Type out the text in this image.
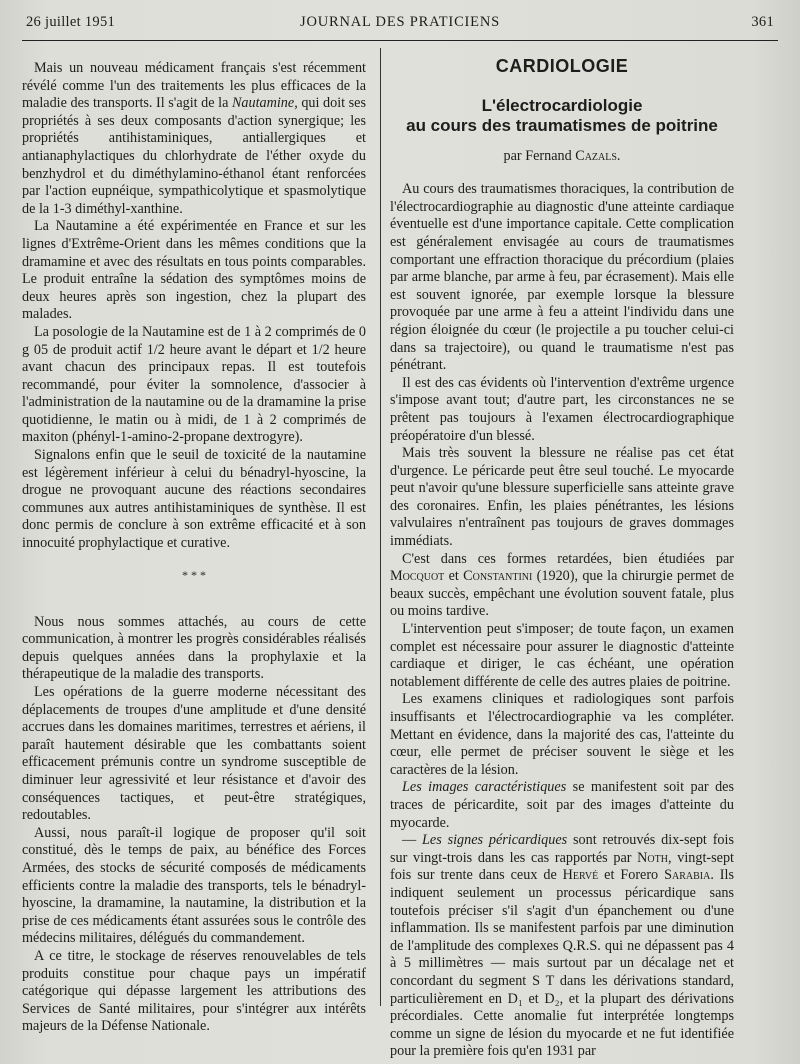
26 juillet 1951	JOURNAL DES PRATICIENS	361

Mais un nouveau médicament français s'est récemment révélé comme l'un des traitements les plus efficaces de la maladie des transports. Il s'agit de la Nautamine, qui doit ses propriétés à ses deux composants d'action synergique; les propriétés antihistaminiques, antiallergiques et antianaphylactiques du chlorhydrate de l'éther oxyde du benzhydrol et du diméthylamino-éthanol étant renforcées par l'action eupnéique, sympathicolytique et spasmolytique de la 1-3 diméthyl-xanthine.

La Nautamine a été expérimentée en France et sur les lignes d'Extrême-Orient dans les mêmes conditions que la dramamine et avec des résultats en tous points comparables. Le produit entraîne la sédation des symptômes moins de deux heures après son ingestion, chez la plupart des malades.

La posologie de la Nautamine est de 1 à 2 comprimés de 0 g 05 de produit actif 1/2 heure avant le départ et 1/2 heure avant chacun des principaux repas. Il est toutefois recommandé, pour éviter la somnolence, d'associer à l'administration de la nautamine ou de la dramamine la prise quotidienne, le matin ou à midi, de 1 à 2 comprimés de maxiton (phényl-1-amino-2-propane dextrogyre).

Signalons enfin que le seuil de toxicité de la nautamine est légèrement inférieur à celui du bénadryl-hyoscine, la drogue ne provoquant aucune des réactions secondaires communes aux autres antihistaminiques de synthèse. Il est donc permis de conclure à son extrême efficacité et à son innocuité prophylactique et curative.

* * *

Nous nous sommes attachés, au cours de cette communication, à montrer les progrès considérables réalisés depuis quelques années dans la prophylaxie et la thérapeutique de la maladie des transports.

Les opérations de la guerre moderne nécessitant des déplacements de troupes d'une amplitude et d'une densité accrues dans les domaines maritimes, terrestres et aériens, il paraît hautement désirable que les combattants soient efficacement prémunis contre un syndrome susceptible de diminuer leur agressivité et leur résistance et d'avoir des conséquences tactiques, et peut-être stratégiques, redoutables.

Aussi, nous paraît-il logique de proposer qu'il soit constitué, dès le temps de paix, au bénéfice des Forces Armées, des stocks de sécurité composés de médicaments efficients contre la maladie des transports, tels le bénadryl-hyoscine, la dramamine, la nautamine, la distribution et la prise de ces médicaments étant assurées sous le contrôle des médecins militaires, délégués du commandement.

A ce titre, le stockage de réserves renouvelables de tels produits constitue pour chaque pays un impératif catégorique qui dépasse largement les attributions des Services de Santé militaires, pour s'intégrer aux intérêts majeurs de la Défense Nationale.

CARDIOLOGIE

L'électrocardiologie
au cours des traumatismes de poitrine

par Fernand Cazals.

Au cours des traumatismes thoraciques, la contribution de l'électrocardiographie au diagnostic d'une atteinte cardiaque éventuelle est d'une importance capitale. Cette complication est généralement envisagée au cours de traumatismes comportant une effraction thoracique du précordium (plaies par arme blanche, par arme à feu, par écrasement). Mais elle est souvent ignorée, par exemple lorsque la blessure provoquée par une arme à feu a atteint l'individu dans une région éloignée du cœur (le projectile a pu toucher celui-ci dans sa trajectoire), ou quand le traumatisme n'est pas pénétrant.

Il est des cas évidents où l'intervention d'extrême urgence s'impose avant tout; d'autre part, les circonstances ne se prêtent pas toujours à l'examen électrocardiographique préopératoire d'un blessé.

Mais très souvent la blessure ne réalise pas cet état d'urgence. Le péricarde peut être seul touché. Le myocarde peut n'avoir qu'une blessure superficielle sans atteinte grave des coronaires. Enfin, les plaies pénétrantes, les lésions valvulaires n'entraînent pas toujours de graves dommages immédiats.

C'est dans ces formes retardées, bien étudiées par Mocquot et Constantini (1920), que la chirurgie permet de beaux succès, empêchant une évolution souvent fatale, plus ou moins tardive.

L'intervention peut s'imposer; de toute façon, un examen complet est nécessaire pour assurer le diagnostic d'atteinte cardiaque et diriger, le cas échéant, une opération notablement différente de celle des autres plaies de poitrine.

Les examens cliniques et radiologiques sont parfois insuffisants et l'électrocardiographie va les compléter. Mettant en évidence, dans la majorité des cas, l'atteinte du cœur, elle permet de préciser souvent le siège et les caractères de la lésion.

Les images caractéristiques se manifestent soit par des traces de péricardite, soit par des images d'atteinte du myocarde.

— Les signes péricardiques sont retrouvés dix-sept fois sur vingt-trois dans les cas rapportés par Noth, vingt-sept fois sur trente dans ceux de Hervé et Forero Sarabia. Ils indiquent seulement un processus péricardique sans toutefois préciser s'il s'agit d'un épanchement ou d'une inflammation. Ils se manifestent parfois par une diminution de l'amplitude des complexes Q.R.S. qui ne dépassent pas 4 à 5 millimètres — mais surtout par un décalage net et concordant du segment S T dans les dérivations standard, particulièrement en D₁ et D₂, et la plupart des dérivations précordiales. Cette anomalie fut interprétée longtemps comme un signe de lésion du myocarde et ne fut identifiée pour la première fois qu'en 1931 par
